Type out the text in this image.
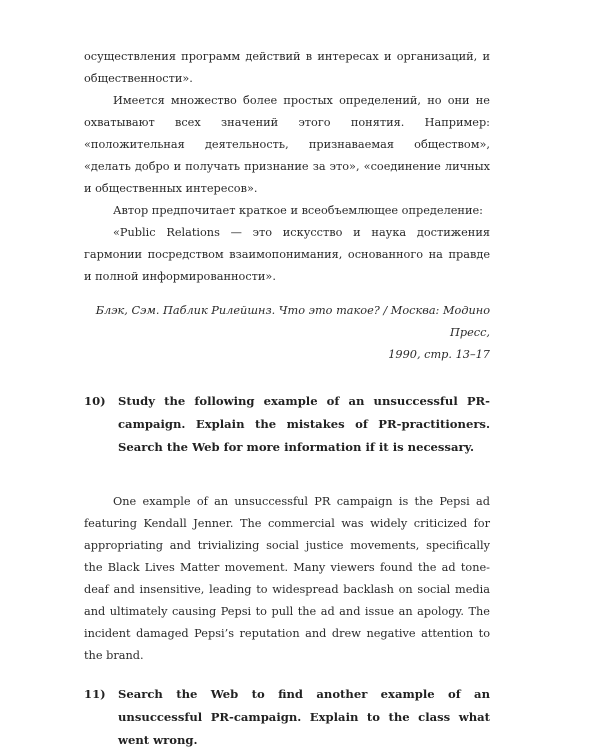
осуществления программ действий в интересах и организаций, и общественности».

Имеется множество более простых определений, но они не охватывают всех значений этого понятия. Например: «положительная деятельность, признаваемая обществом», «делать добро и получать признание за это», «соединение личных и общественных интересов».

Автор предпочитает краткое и всеобъемлющее определение:

«Public Relations — это искусство и наука достижения гармонии посредством взаимопонимания, основанного на правде и полной информированности».

Блэк, Сэм. Паблик Рилейшнз. Что это такое? / Москва: Модино Пресс,
1990, стр. 13–17
10)	Study the following example of an unsuccessful PR-campaign. Explain the mistakes of PR-practitioners. Search the Web for more information if it is necessary.

One example of an unsuccessful PR campaign is the Pepsi ad featuring Kendall Jenner. The commercial was widely criticized for appropriating and trivializing social justice movements, specifically the Black Lives Matter movement. Many viewers found the ad tone-deaf and insensitive, leading to widespread backlash on social media and ultimately causing Pepsi to pull the ad and issue an apology. The incident damaged Pepsi’s reputation and drew negative attention to the brand.

11)	Search the Web to find another example of an unsuccessful PR-campaign. Explain to the class what went wrong.
